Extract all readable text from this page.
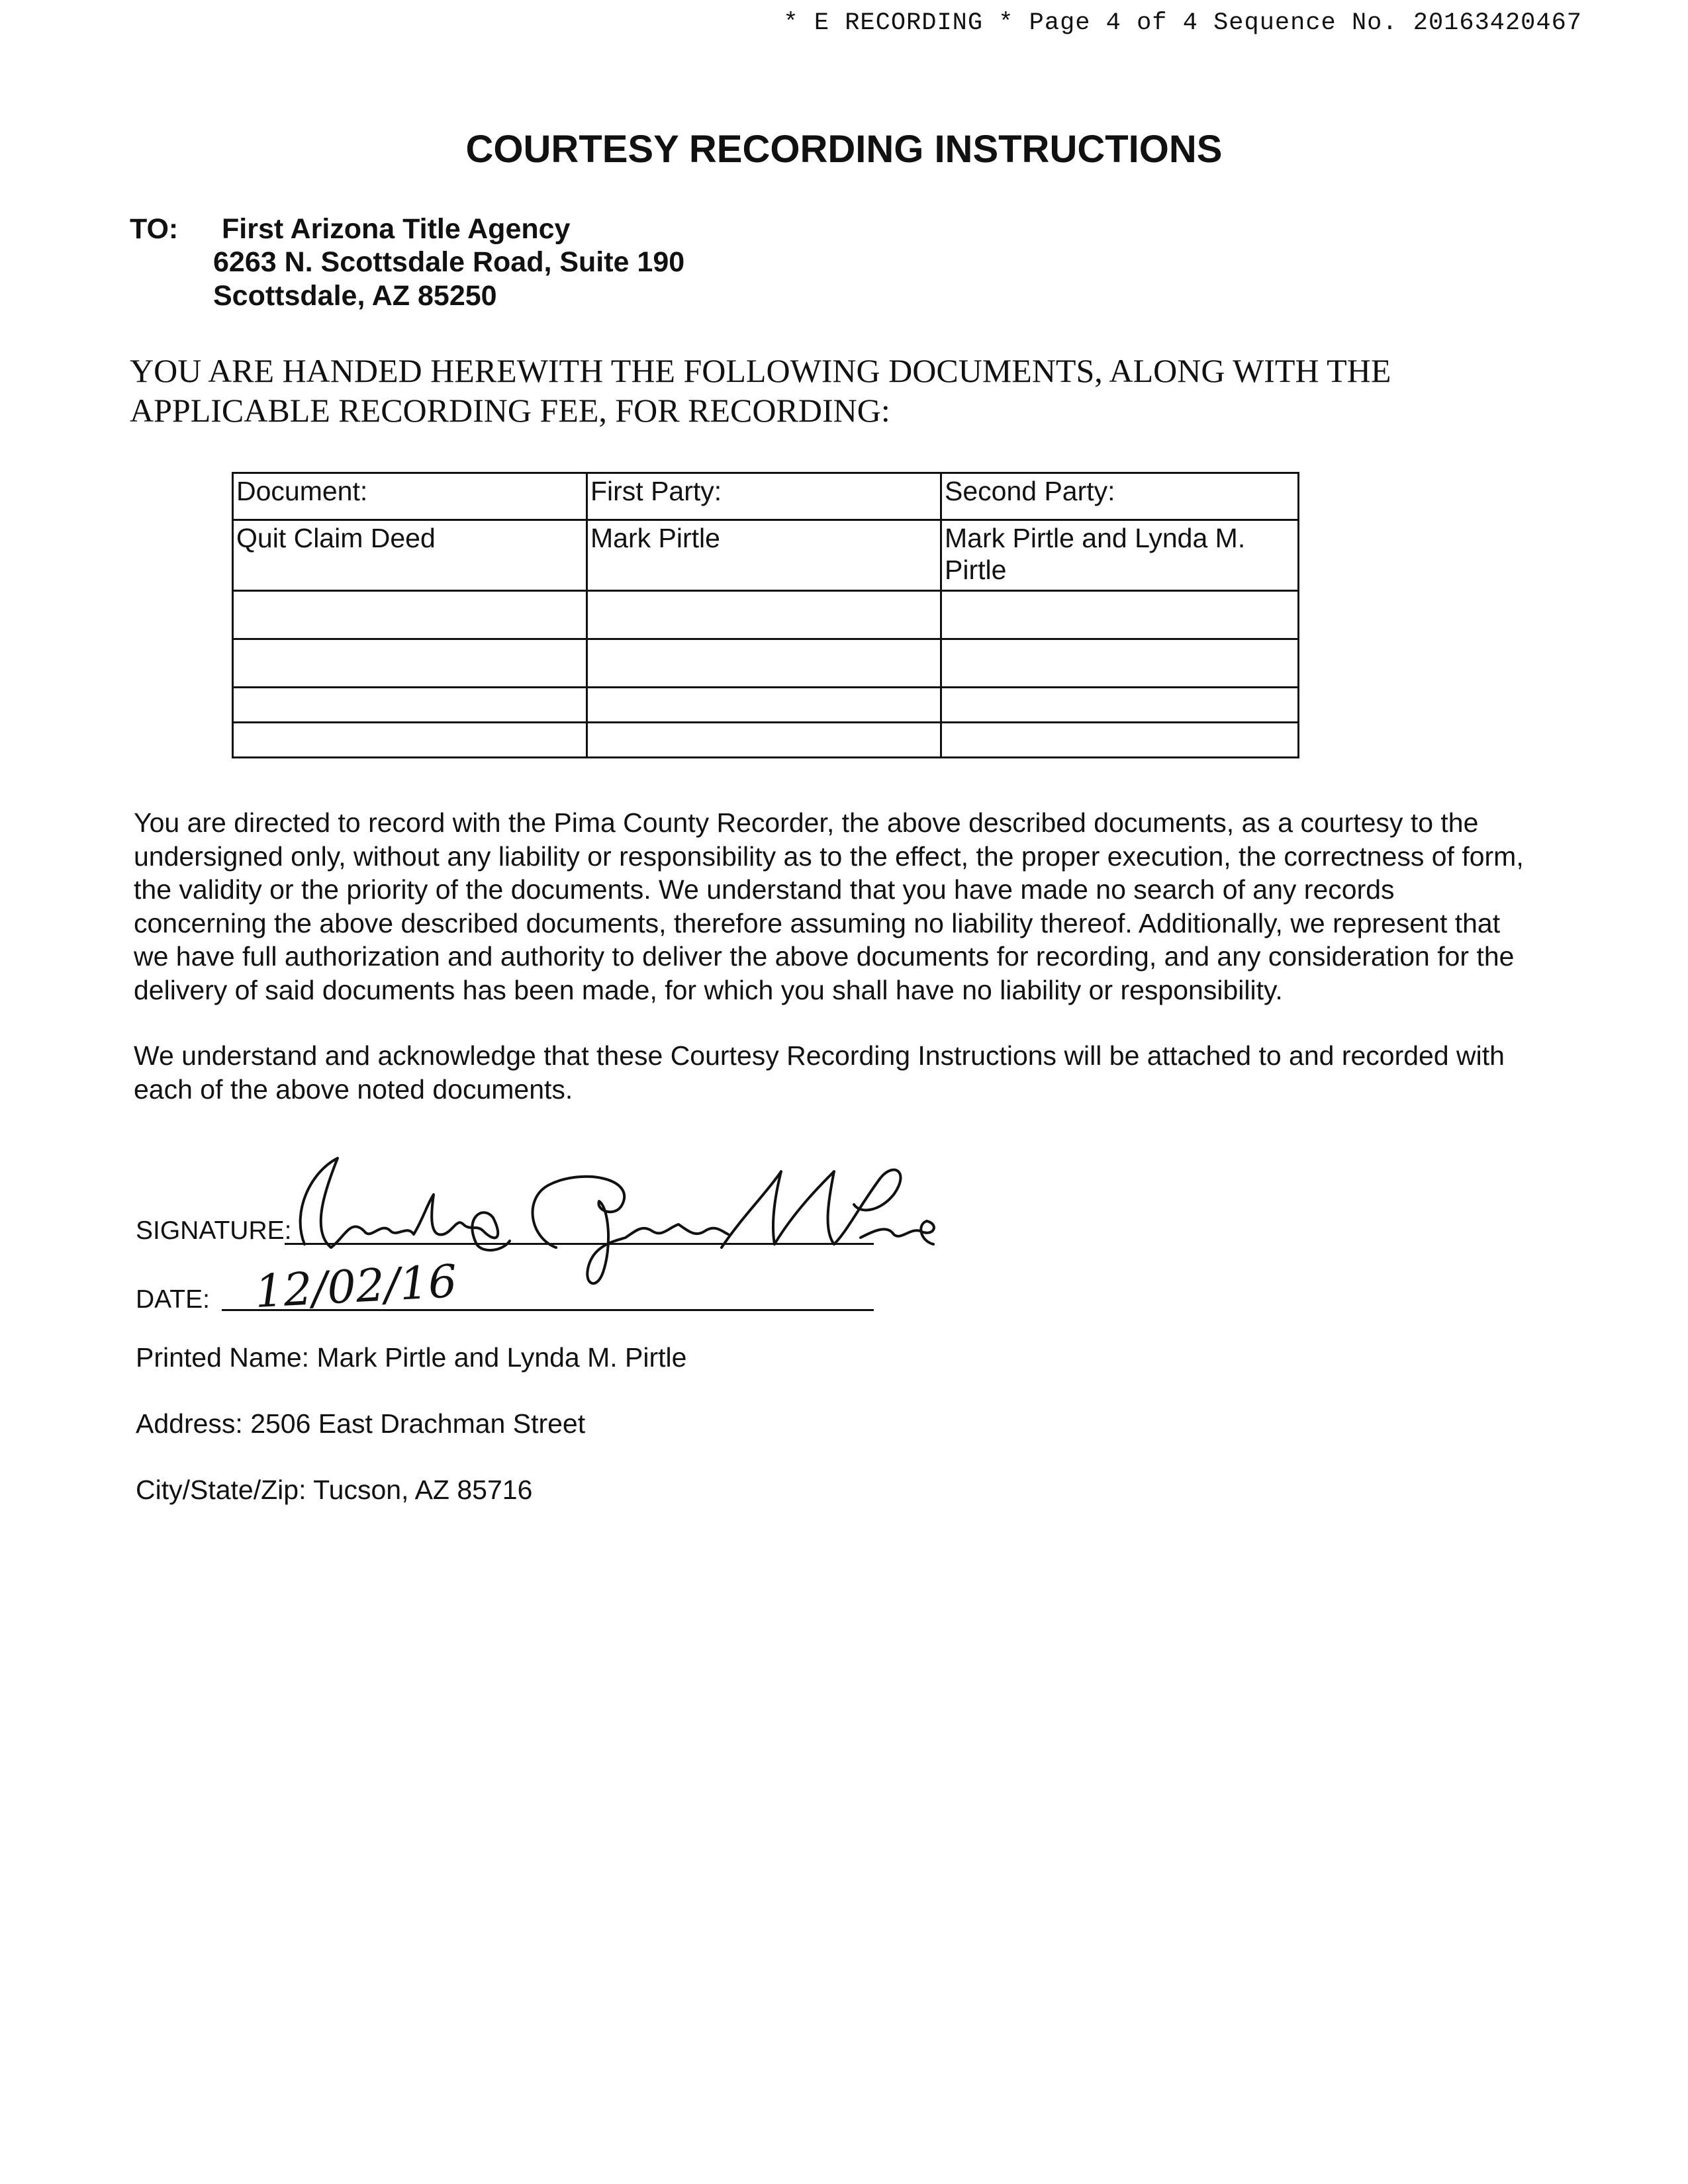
* E RECORDING * Page 4 of 4 Sequence No. 20163420467
COURTESY RECORDING INSTRUCTIONS
TO: First Arizona Title Agency
6263 N. Scottsdale Road, Suite 190
Scottsdale, AZ 85250
YOU ARE HANDED HEREWITH THE FOLLOWING DOCUMENTS, ALONG WITH THE APPLICABLE RECORDING FEE, FOR RECORDING:
Document:	First Party:	Second Party:
Quit Claim Deed	Mark Pirtle	Mark Pirtle and Lynda M. Pirtle

You are directed to record with the Pima County Recorder, the above described documents, as a courtesy to the undersigned only, without any liability or responsibility as to the effect, the proper execution, the correctness of form, the validity or the priority of the documents. We understand that you have made no search of any records concerning the above described documents, therefore assuming no liability thereof. Additionally, we represent that we have full authorization and authority to deliver the above documents for recording, and any consideration for the delivery of said documents has been made, for which you shall have no liability or responsibility.
We understand and acknowledge that these Courtesy Recording Instructions will be attached to and recorded with each of the above noted documents.
SIGNATURE:
Mark Pirtle, Lynda M Pirtle
DATE: 12/02/16
Printed Name: Mark Pirtle and Lynda M. Pirtle
Address: 2506 East Drachman Street
City/State/Zip: Tucson, AZ 85716
